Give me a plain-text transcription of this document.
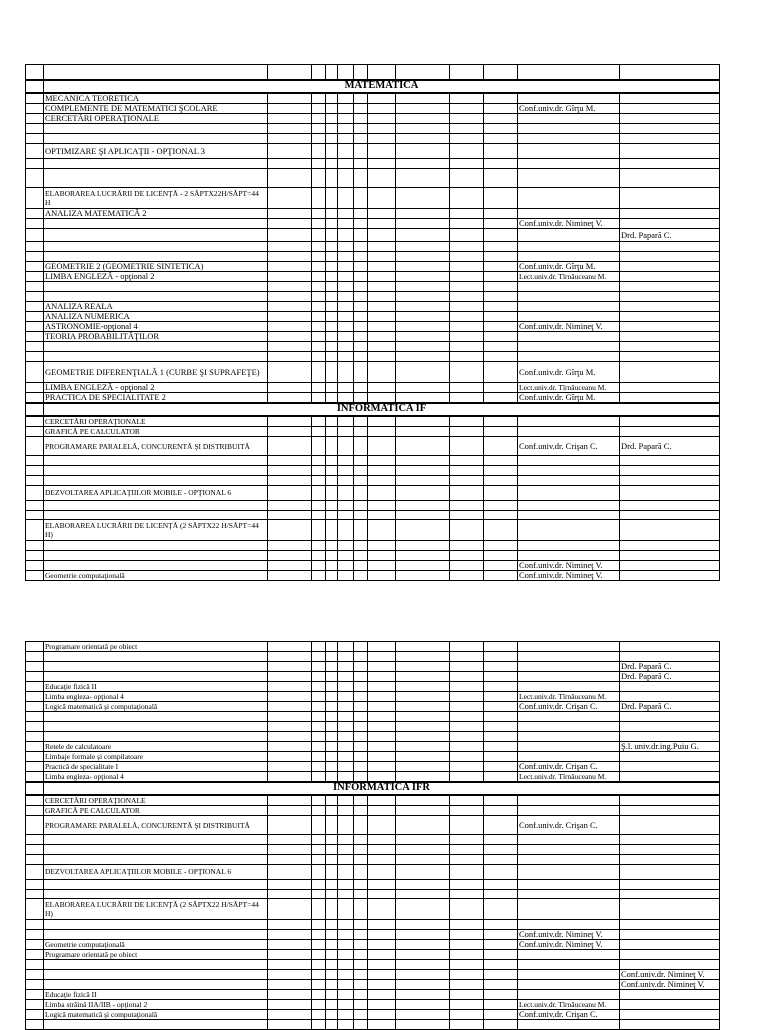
	MATEMATICA											
	MECANICA TEORETICA											
	COMPLEMENTE DE MATEMATICI ŞCOLARE										Conf.univ.dr. Gîrţu M.	
	CERCETĂRI OPERAŢIONALE											

	OPTIMIZARE ŞI APLICAŢII - OPŢIONAL 3											

	ELABORAREA LUCRĂRII DE LICENŢĂ - 2 SĂPTX22H/SĂPT=44 H											
	ANALIZA MATEMATICĂ 2											
											Conf.univ.dr. Nimineţ V.	
												Drd. Papară C.

	GEOMETRIE 2 (GEOMETRIE SINTETICA)										Conf.univ.dr. Gîrţu M.	
	LIMBA ENGLEZĂ - opţional 2										Lect.univ.dr. Tîrnăuceanu M.	

	ANALIZA REALA											
	ANALIZA NUMERICA											
	ASTRONOMIE-opţional 4										Conf.univ.dr. Nimineţ V.	
	TEORIA PROBABILITĂŢILOR											

	GEOMETRIE DIFERENŢIALĂ 1 (CURBE ŞI SUPRAFEŢE)										Conf.univ.dr. Gîrţu M.	
	LIMBA ENGLEZĂ - opţional 2										Lect.univ.dr. Tîrnăuceanu M.	
	PRACTICA DE SPECIALITATE 2										Conf.univ.dr. Gîrţu M.	
	INFORMATICA IF											
	CERCETĂRI OPERAŢIONALE											
	GRAFICĂ PE CALCULATOR											
	PROGRAMARE PARALELĂ, CONCURENTĂ ŞI DISTRIBUITĂ										Conf.univ.dr. Crişan C.	Drd. Papară C.

	DEZVOLTAREA APLICAŢIILOR MOBILE - OPŢIONAL 6											

	ELABORAREA LUCRĂRII DE LICENŢĂ (2 SĂPTX22 H/SĂPT=44 H)											

											Conf.univ.dr. Nimineţ V.	
	Geometrie computaţională										Conf.univ.dr. Nimineţ V.	
	Programare orientată pe obiect											

												Drd. Papară C.
												Drd. Papară C.
	Educaţie fizică II											
	Limba engleza- opţional 4										Lect.univ.dr. Tîrnăuceanu M.	
	Logică matematică şi computaţională										Conf.univ.dr. Crişan C.	Drd. Papară C.

	Retele de calculatoare											Ş.l. univ.dr.ing.Puiu G.
	Limbaje formale şi compilatoare											
	Practică de specialitate I										Conf.univ.dr. Crişan C.	
	Limba engleza- opţional 4										Lect.univ.dr. Tîrnăuceanu M.	
	INFORMATICA IFR											
	CERCETĂRI OPERAŢIONALE											
	GRAFICĂ PE CALCULATOR											
	PROGRAMARE PARALELĂ, CONCURENTĂ ŞI DISTRIBUITĂ										Conf.univ.dr. Crişan C.	

	DEZVOLTAREA APLICAŢIILOR MOBILE - OPŢIONAL 6											

	ELABORAREA LUCRĂRII DE LICENŢĂ (2 SĂPTX22 H/SĂPT=44 H)											

											Conf.univ.dr. Nimineţ V.	
	Geometrie computaţională										Conf.univ.dr. Nimineţ V.	
	Programare orientată pe obiect											

												Conf.univ.dr. Nimineţ V.
												Conf.univ.dr. Nimineţ V.
	Educaţie fizică II											
	Limba străină IIA/IIB - opţional 2										Lect.univ.dr. Tîrnăuceanu M.	
	Logică matematică şi computaţională										Conf.univ.dr. Crişan C.	
